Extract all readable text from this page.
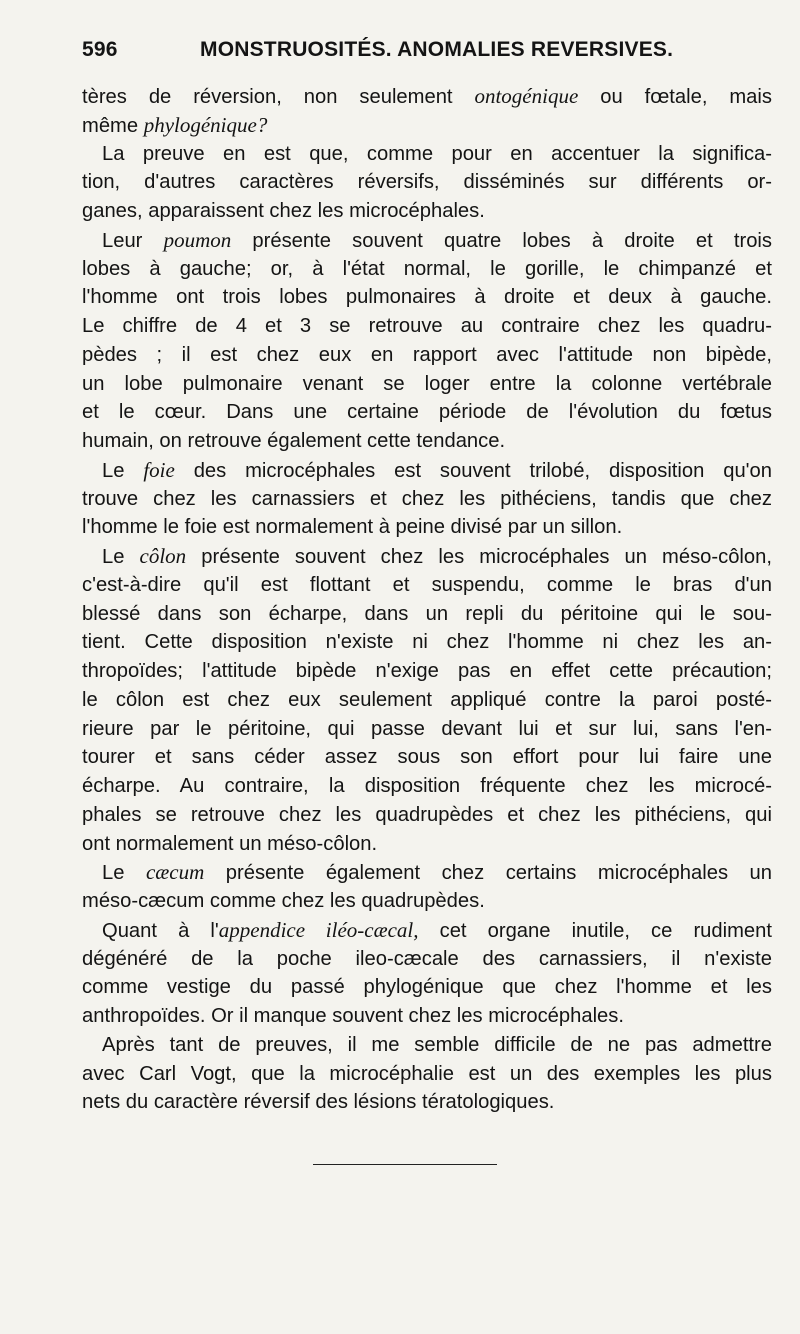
596	MONSTRUOSITÉS. ANOMALIES REVERSIVES.
tères de réversion, non seulement ontogénique ou fœtale, mais
même phylogénique?
La preuve en est que, comme pour en accentuer la significa-
tion, d'autres caractères réversifs, disséminés sur différents or-
ganes, apparaissent chez les microcéphales.
Leur poumon présente souvent quatre lobes à droite et trois
lobes à gauche; or, à l'état normal, le gorille, le chimpanzé et
l'homme ont trois lobes pulmonaires à droite et deux à gauche.
Le chiffre de 4 et 3 se retrouve au contraire chez les quadru-
pèdes ; il est chez eux en rapport avec l'attitude non bipède,
un lobe pulmonaire venant se loger entre la colonne vertébrale
et le cœur. Dans une certaine période de l'évolution du fœtus
humain, on retrouve également cette tendance.
Le foie des microcéphales est souvent trilobé, disposition qu'on
trouve chez les carnassiers et chez les pithéciens, tandis que chez
l'homme le foie est normalement à peine divisé par un sillon.
Le côlon présente souvent chez les microcéphales un méso-côlon,
c'est-à-dire qu'il est flottant et suspendu, comme le bras d'un
blessé dans son écharpe, dans un repli du péritoine qui le sou-
tient. Cette disposition n'existe ni chez l'homme ni chez les an-
thropoïdes; l'attitude bipède n'exige pas en effet cette précaution;
le côlon est chez eux seulement appliqué contre la paroi posté-
rieure par le péritoine, qui passe devant lui et sur lui, sans l'en-
tourer et sans céder assez sous son effort pour lui faire une
écharpe. Au contraire, la disposition fréquente chez les microcé-
phales se retrouve chez les quadrupèdes et chez les pithéciens, qui
ont normalement un méso-côlon.
Le cæcum présente également chez certains microcéphales un
méso-cæcum comme chez les quadrupèdes.
Quant à l'appendice iléo-cæcal, cet organe inutile, ce rudiment
dégénéré de la poche ileo-cæcale des carnassiers, il n'existe
comme vestige du passé phylogénique que chez l'homme et les
anthropoïdes. Or il manque souvent chez les microcéphales.
Après tant de preuves, il me semble difficile de ne pas admettre
avec Carl Vogt, que la microcéphalie est un des exemples les plus
nets du caractère réversif des lésions tératologiques.
